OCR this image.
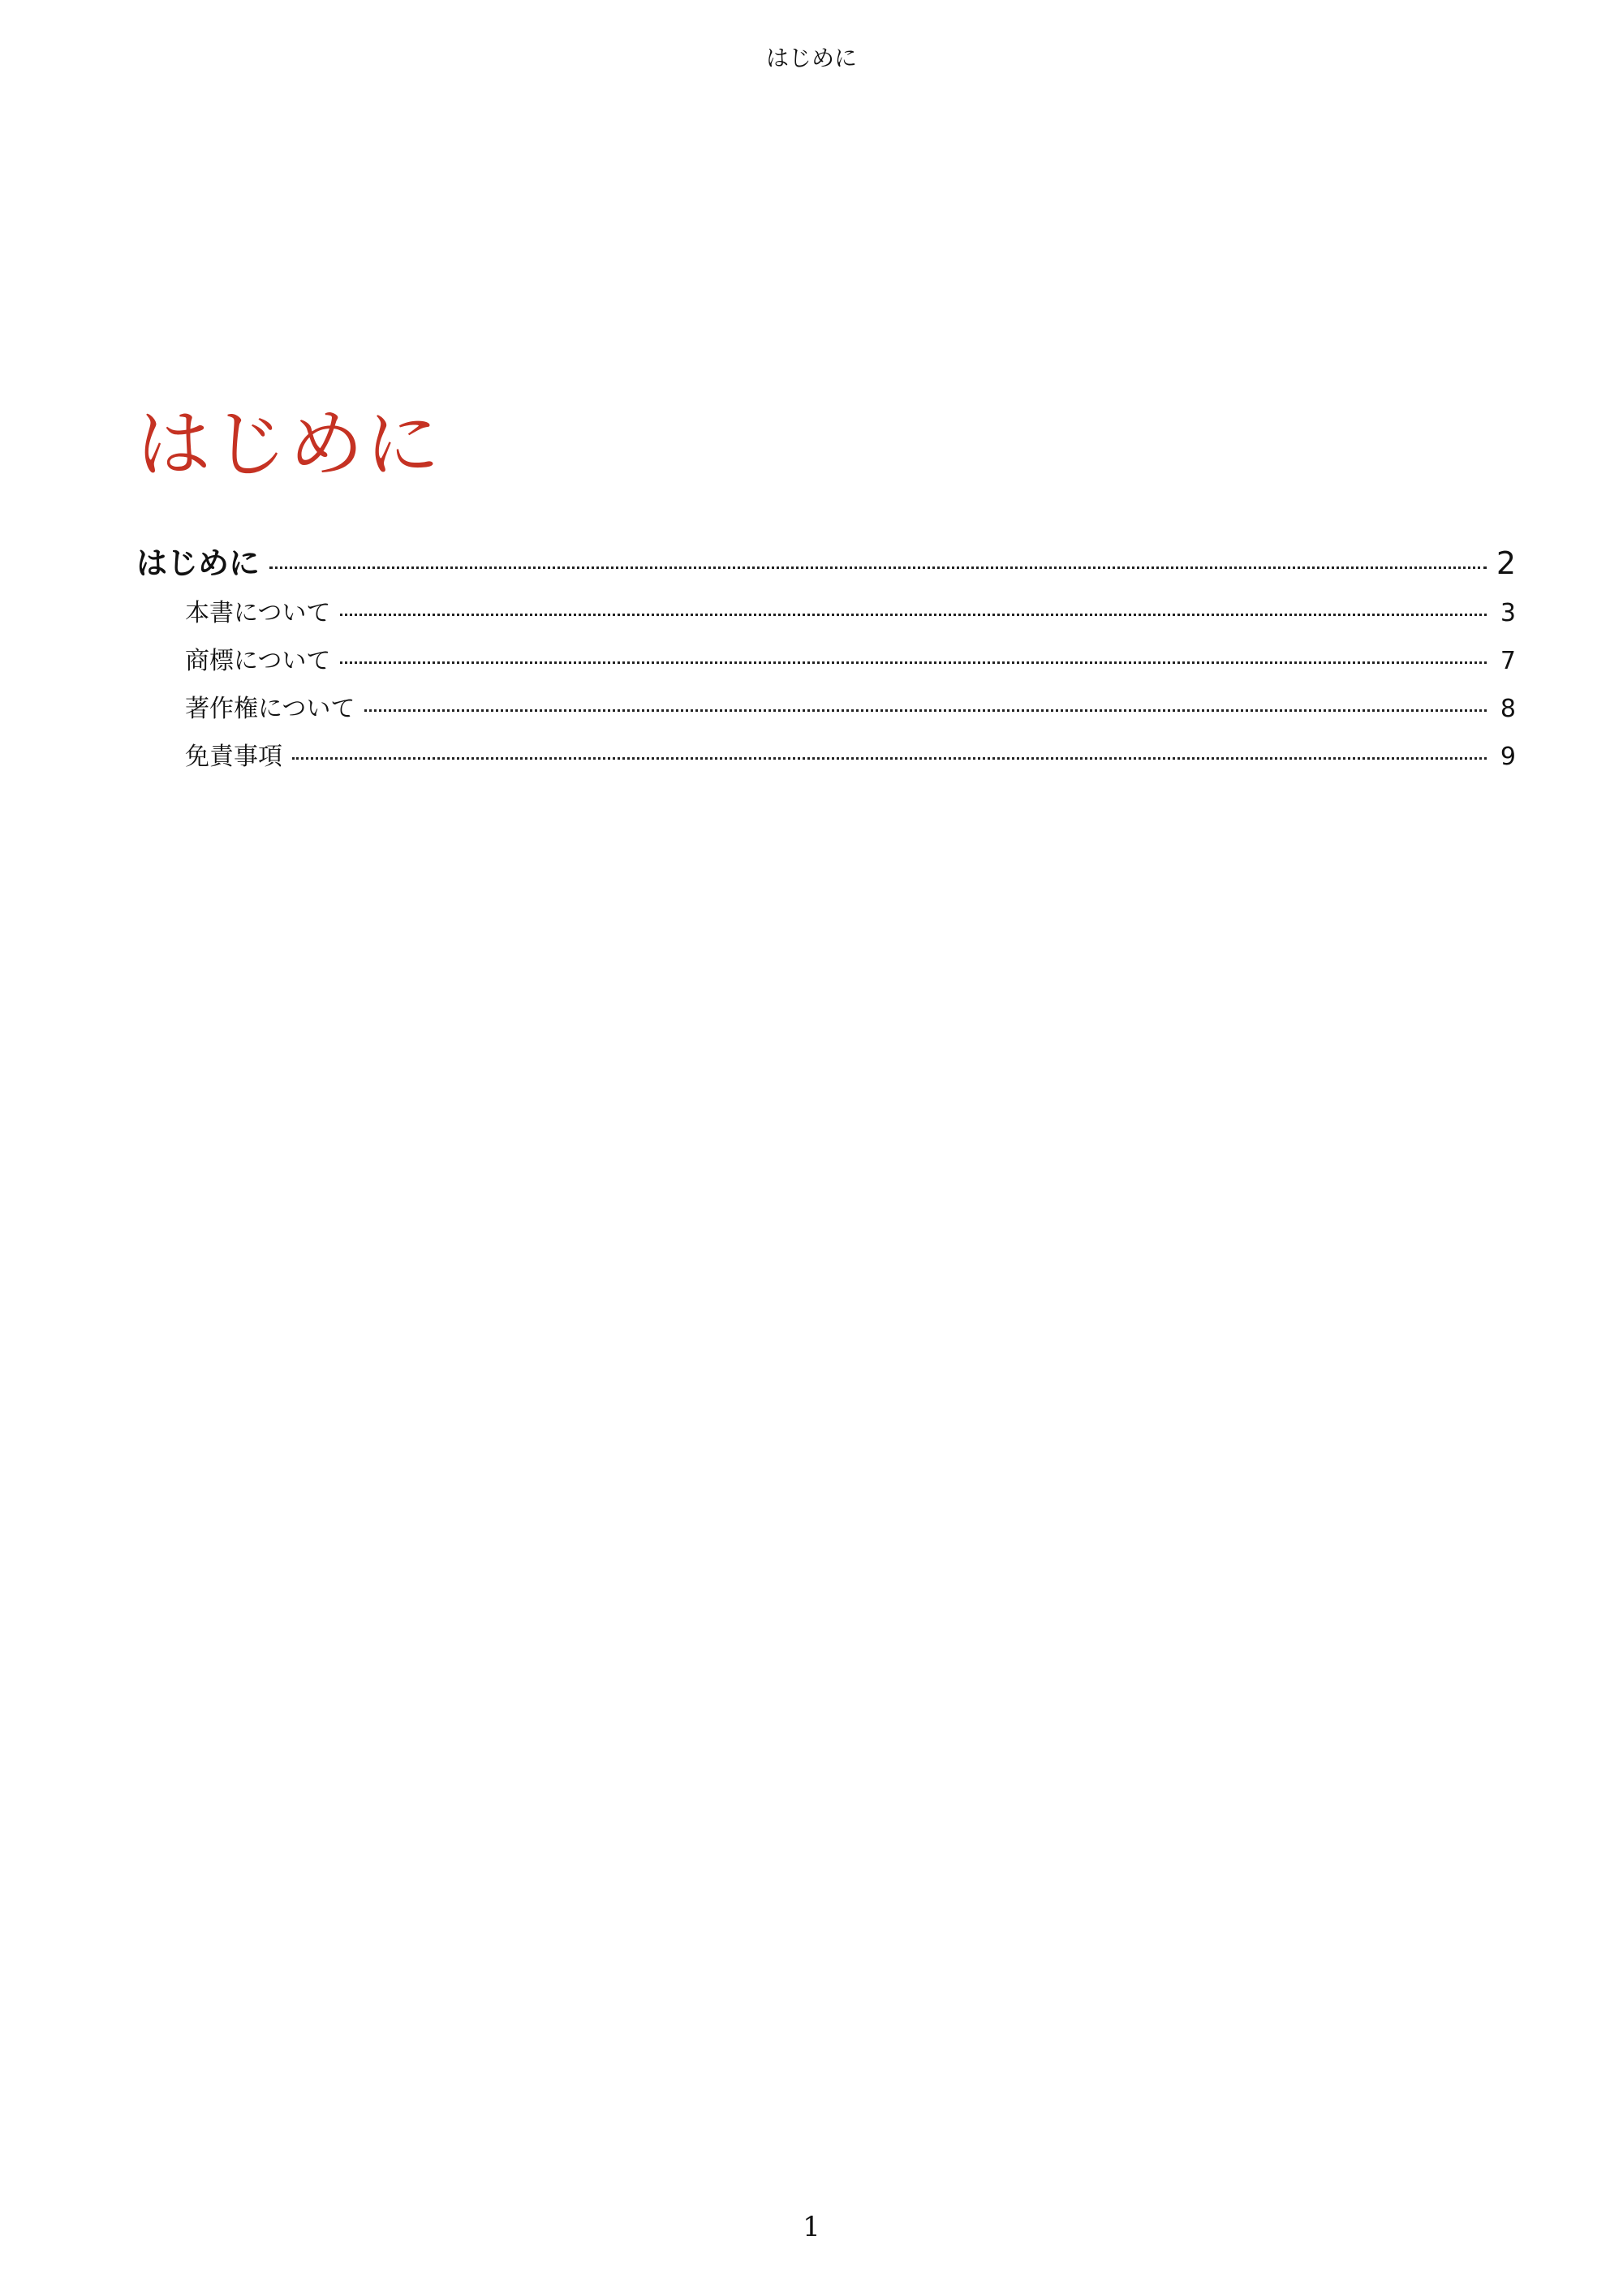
はじめに
はじめに
はじめに	2
本書について	3
商標について	7
著作権について	8
免責事項	9
1
